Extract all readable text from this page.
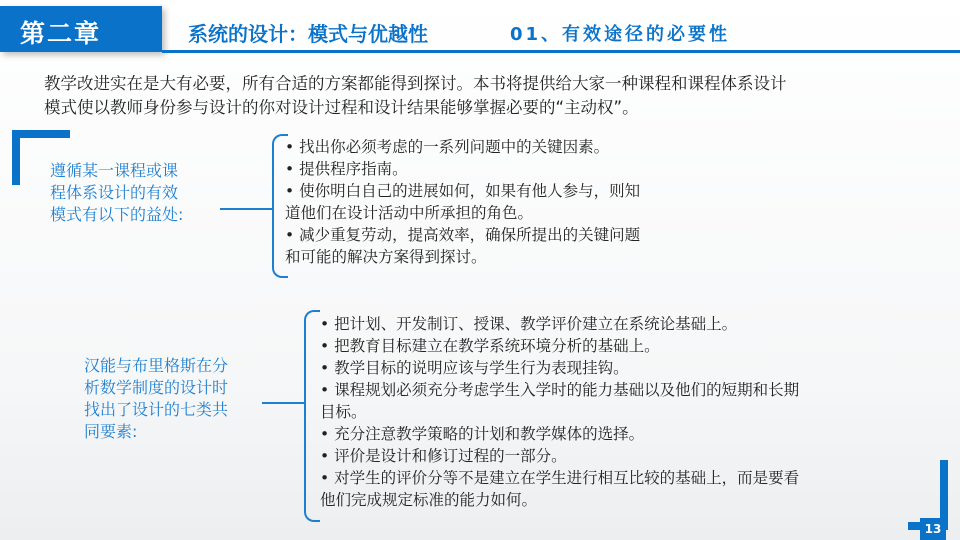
第二章	系统的设计：模式与优越性	01、有效途径的必要性
教学改进实在是大有必要，所有合适的方案都能得到探讨。本书将提供给大家一种课程和课程体系设计
模式使以教师身份参与设计的你对设计过程和设计结果能够掌握必要的“主动权”。
遵循某一课程或课
程体系设计的有效
模式有以下的益处:
• 找出你必须考虑的一系列问题中的关键因素。
• 提供程序指南。
• 使你明白自己的进展如何，如果有他人参与，则知
道他们在设计活动中所承担的角色。
• 减少重复劳动，提高效率，确保所提出的关键问题
和可能的解决方案得到探讨。
汉能与布里格斯在分
析数学制度的设计时
找出了设计的七类共
同要素:
• 把计划、开发制订、授课、教学评价建立在系统论基础上。
• 把教育目标建立在教学系统环境分析的基础上。
• 教学目标的说明应该与学生行为表现挂钩。
• 课程规划必须充分考虑学生入学时的能力基础以及他们的短期和长期
目标。
• 充分注意教学策略的计划和教学媒体的选择。
• 评价是设计和修订过程的一部分。
• 对学生的评价分等不是建立在学生进行相互比较的基础上，而是要看
他们完成规定标准的能力如何。
13
